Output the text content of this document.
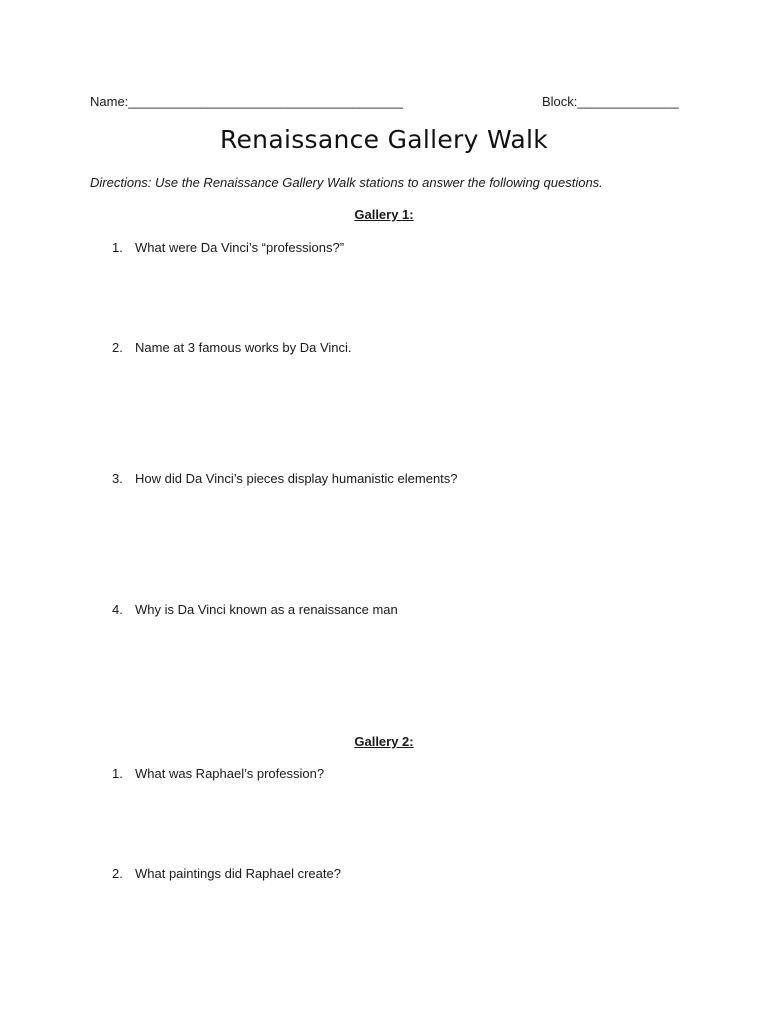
Name:______________________________________	Block:______________
Renaissance Gallery Walk
Directions: Use the Renaissance Gallery Walk stations to answer the following questions.
Gallery 1:
1. What were Da Vinci’s “professions?”
2. Name at 3 famous works by Da Vinci.
3. How did Da Vinci’s pieces display humanistic elements?
4. Why is Da Vinci known as a renaissance man
Gallery 2:
1. What was Raphael’s profession?
2. What paintings did Raphael create?
